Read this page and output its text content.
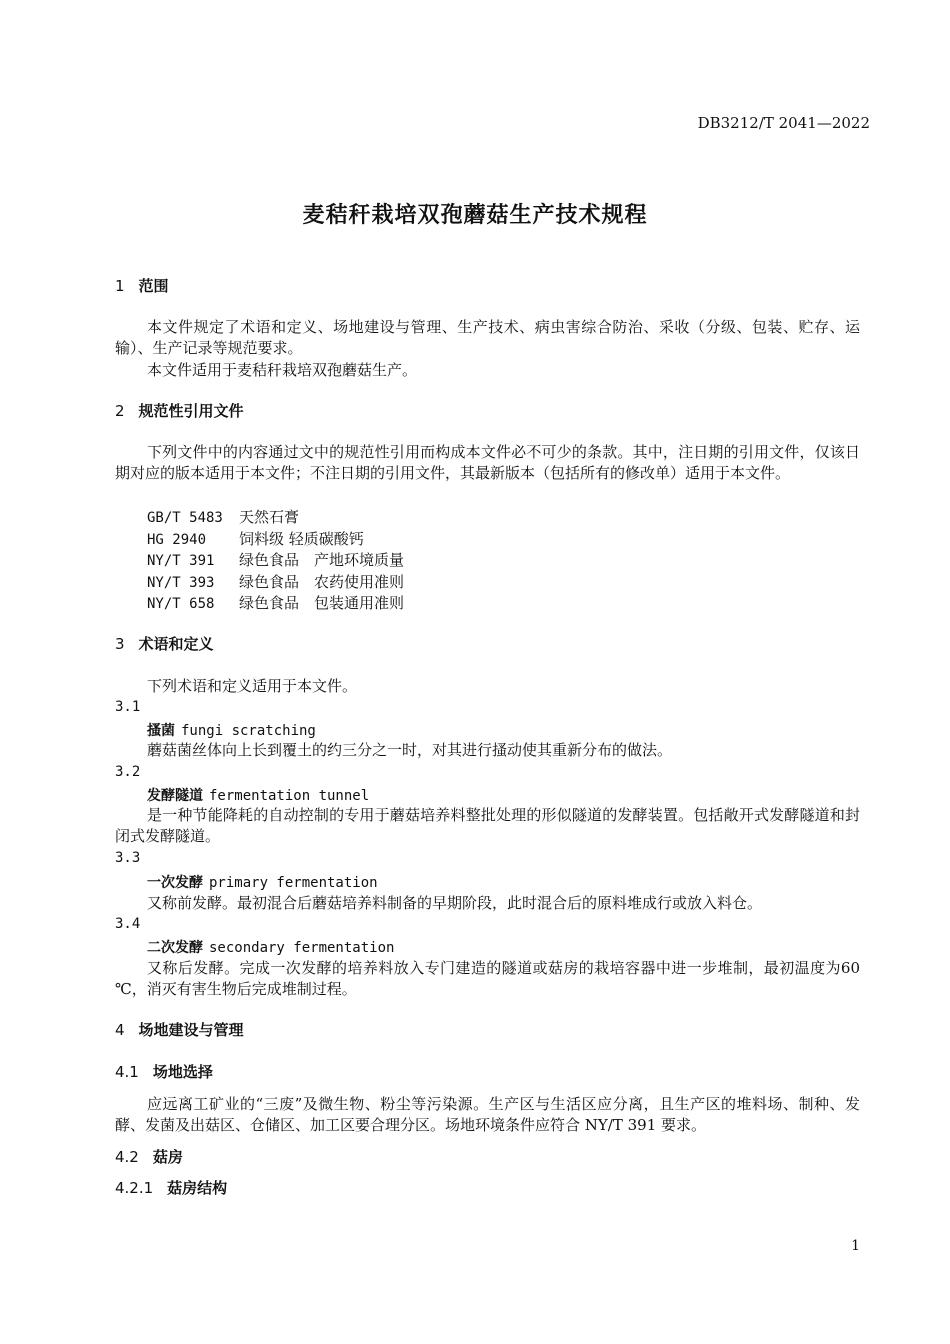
DB3212/T 2041—2022
麦秸秆栽培双孢蘑菇生产技术规程
1 范围
本文件规定了术语和定义、场地建设与管理、生产技术、病虫害综合防治、采收（分级、包装、贮存、运输）、生产记录等规范要求。
本文件适用于麦秸秆栽培双孢蘑菇生产。
2 规范性引用文件
下列文件中的内容通过文中的规范性引用而构成本文件必不可少的条款。其中，注日期的引用文件，仅该日期对应的版本适用于本文件；不注日期的引用文件，其最新版本（包括所有的修改单）适用于本文件。
GB/T 5483 天然石膏
HG 2940 饲料级 轻质碳酸钙
NY/T 391 绿色食品　产地环境质量
NY/T 393 绿色食品　农药使用准则
NY/T 658 绿色食品　包装通用准则
3 术语和定义
下列术语和定义适用于本文件。
3.1
搔菌 fungi scratching
蘑菇菌丝体向上长到覆土的约三分之一时，对其进行搔动使其重新分布的做法。
3.2
发酵隧道 fermentation tunnel
是一种节能降耗的自动控制的专用于蘑菇培养料整批处理的形似隧道的发酵装置。包括敞开式发酵隧道和封闭式发酵隧道。
3.3
一次发酵 primary fermentation
又称前发酵。最初混合后蘑菇培养料制备的早期阶段，此时混合后的原料堆成行或放入料仓。
3.4
二次发酵 secondary fermentation
又称后发酵。完成一次发酵的培养料放入专门建造的隧道或菇房的栽培容器中进一步堆制，最初温度为60 ℃，消灭有害生物后完成堆制过程。
4 场地建设与管理
4.1 场地选择
应远离工矿业的“三废”及微生物、粉尘等污染源。生产区与生活区应分离，且生产区的堆料场、制种、发酵、发菌及出菇区、仓储区、加工区要合理分区。场地环境条件应符合 NY/T 391 要求。
4.2 菇房
4.2.1 菇房结构
1
